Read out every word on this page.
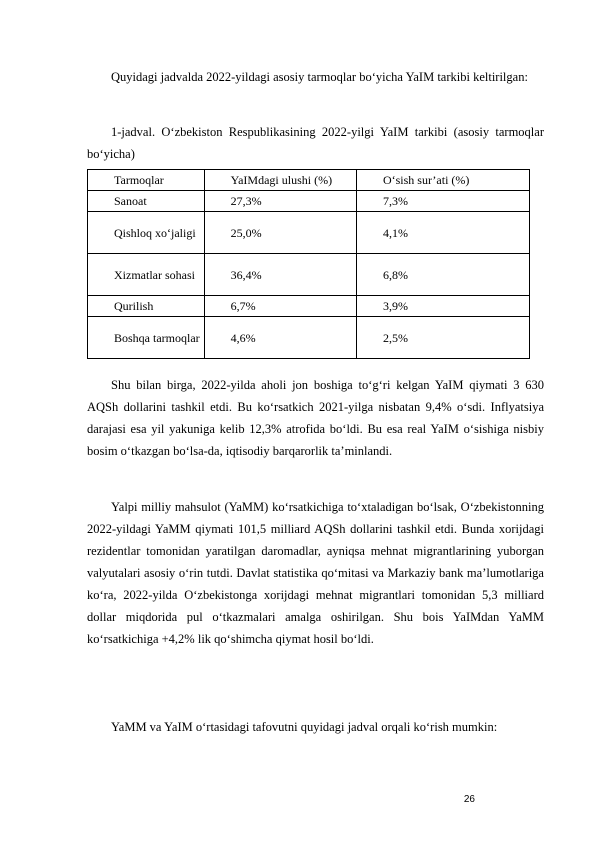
Quyidagi jadvalda 2022-yildagi asosiy tarmoqlar bo‘yicha YaIM tarkibi keltirilgan:

1-jadval. O‘zbekiston Respublikasining 2022-yilgi YaIM tarkibi (asosiy tarmoqlar bo‘yicha)

Tarmoqlar	YaIMdagi ulushi (%)	O‘sish sur’ati (%)
Sanoat	27,3%	7,3%
Qishloq xo‘jaligi	25,0%	4,1%
Xizmatlar sohasi	36,4%	6,8%
Qurilish	6,7%	3,9%
Boshqa tarmoqlar	4,6%	2,5%

Shu bilan birga, 2022-yilda aholi jon boshiga to‘g‘ri kelgan YaIM qiymati 3 630 AQSh dollarini tashkil etdi. Bu ko‘rsatkich 2021-yilga nisbatan 9,4% o‘sdi. Inflyatsiya darajasi esa yil yakuniga kelib 12,3% atrofida bo‘ldi. Bu esa real YaIM o‘sishiga nisbiy bosim o‘tkazgan bo‘lsa-da, iqtisodiy barqarorlik ta’minlandi.

Yalpi milliy mahsulot (YaMM) ko‘rsatkichiga to‘xtaladigan bo‘lsak, O‘zbekistonning 2022-yildagi YaMM qiymati 101,5 milliard AQSh dollarini tashkil etdi. Bunda xorijdagi rezidentlar tomonidan yaratilgan daromadlar, ayniqsa mehnat migrantlarining yuborgan valyutalari asosiy o‘rin tutdi. Davlat statistika qo‘mitasi va Markaziy bank ma’lumotlariga ko‘ra, 2022-yilda O‘zbekistonga xorijdagi mehnat migrantlari tomonidan 5,3 milliard dollar miqdorida pul o‘tkazmalari amalga oshirilgan. Shu bois YaIMdan YaMM ko‘rsatkichiga +4,2% lik qo‘shimcha qiymat hosil bo‘ldi.

YaMM va YaIM o‘rtasidagi tafovutni quyidagi jadval orqali ko‘rish mumkin:

26
